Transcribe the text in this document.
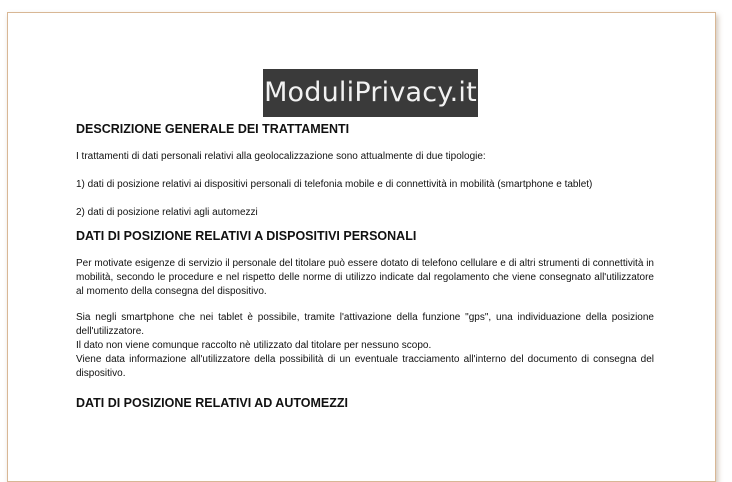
ModuliPrivacy.it

DESCRIZIONE GENERALE DEI TRATTAMENTI

I trattamenti di dati personali relativi alla geolocalizzazione sono attualmente di due tipologie:

1) dati di posizione relativi ai dispositivi personali di telefonia mobile e di connettività in mobilità (smartphone e tablet)

2) dati di posizione relativi agli automezzi

DATI DI POSIZIONE RELATIVI A DISPOSITIVI PERSONALI

Per motivate esigenze di servizio il personale del titolare può essere dotato di telefono cellulare e di altri strumenti di connettività in mobilità, secondo le procedure e nel rispetto delle norme di utilizzo indicate dal regolamento che viene consegnato all'utilizzatore al momento della consegna del dispositivo.

Sia negli smartphone che nei tablet è possibile, tramite l'attivazione della funzione "gps", una individuazione della posizione dell'utilizzatore.

Il dato non viene comunque raccolto nè utilizzato dal titolare per nessuno scopo.

Viene data informazione all'utilizzatore della possibilità di un eventuale tracciamento all'interno del documento di consegna del dispositivo.

DATI DI POSIZIONE RELATIVI AD AUTOMEZZI
